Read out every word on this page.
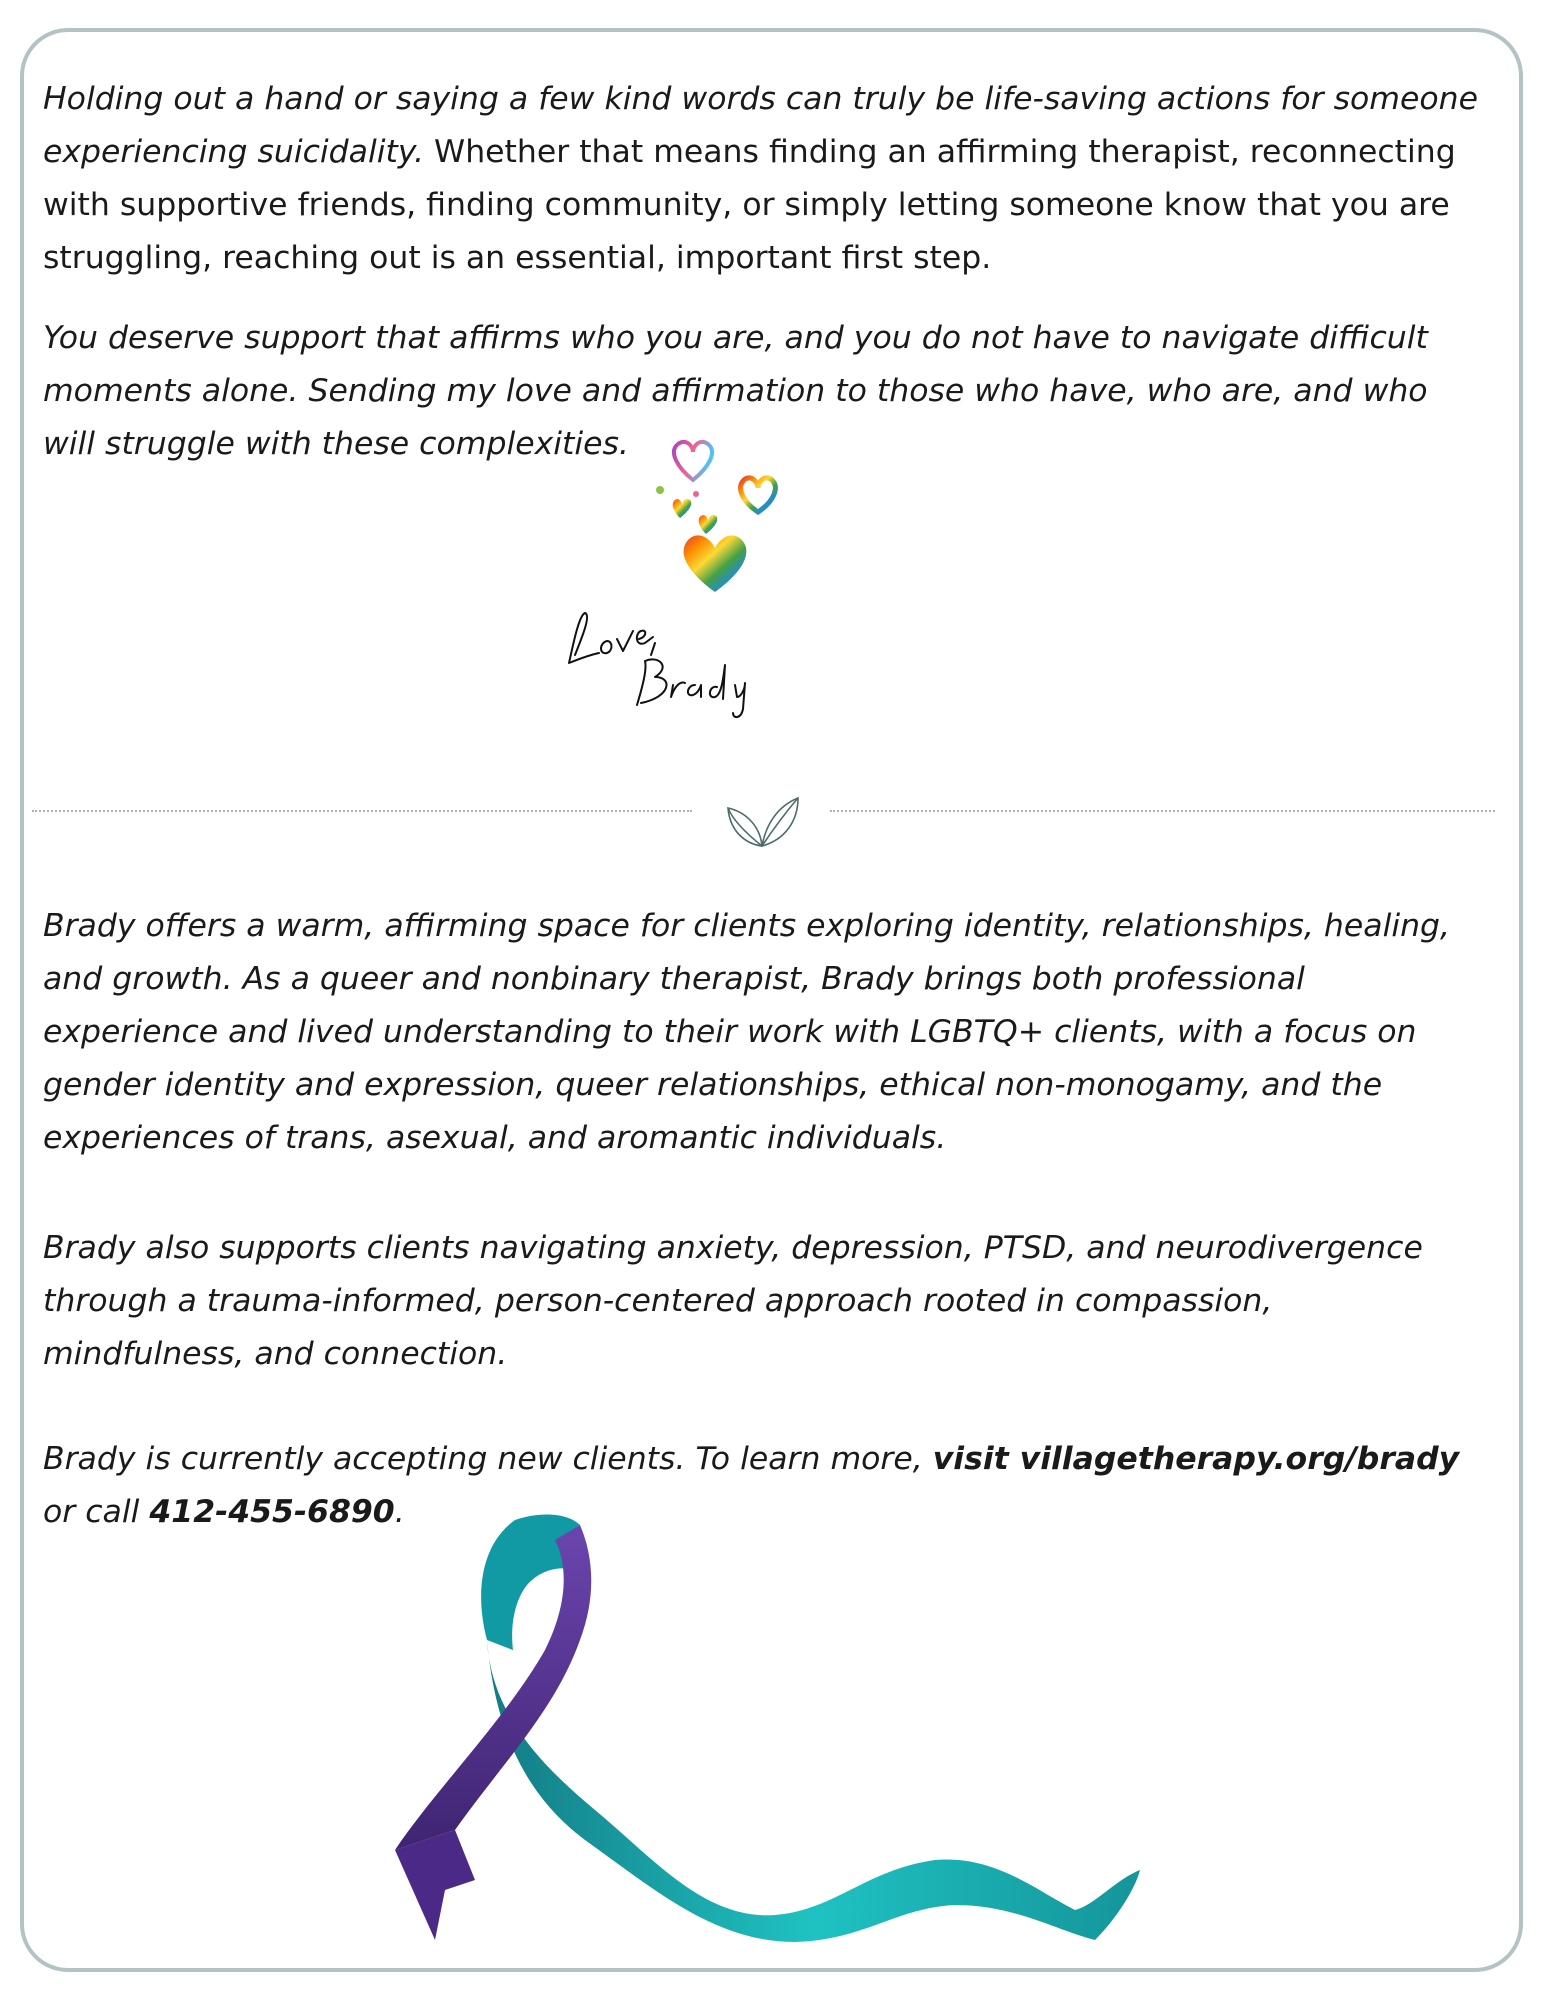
Holding out a hand or saying a few kind words can truly be life-saving actions for someone experiencing suicidality. Whether that means finding an affirming therapist, reconnecting with supportive friends, finding community, or simply letting someone know that you are struggling, reaching out is an essential, important first step.

You deserve support that affirms who you are, and you do not have to navigate difficult moments alone. Sending my love and affirmation to those who have, who are, and who will struggle with these complexities.

Brady offers a warm, affirming space for clients exploring identity, relationships, healing, and growth. As a queer and nonbinary therapist, Brady brings both professional experience and lived understanding to their work with LGBTQ+ clients, with a focus on gender identity and expression, queer relationships, ethical non-monogamy, and the experiences of trans, asexual, and aromantic individuals.

Brady also supports clients navigating anxiety, depression, PTSD, and neurodivergence through a trauma-informed, person-centered approach rooted in compassion, mindfulness, and connection.

Brady is currently accepting new clients. To learn more, visit villagetherapy.org/brady or call 412-455-6890.
